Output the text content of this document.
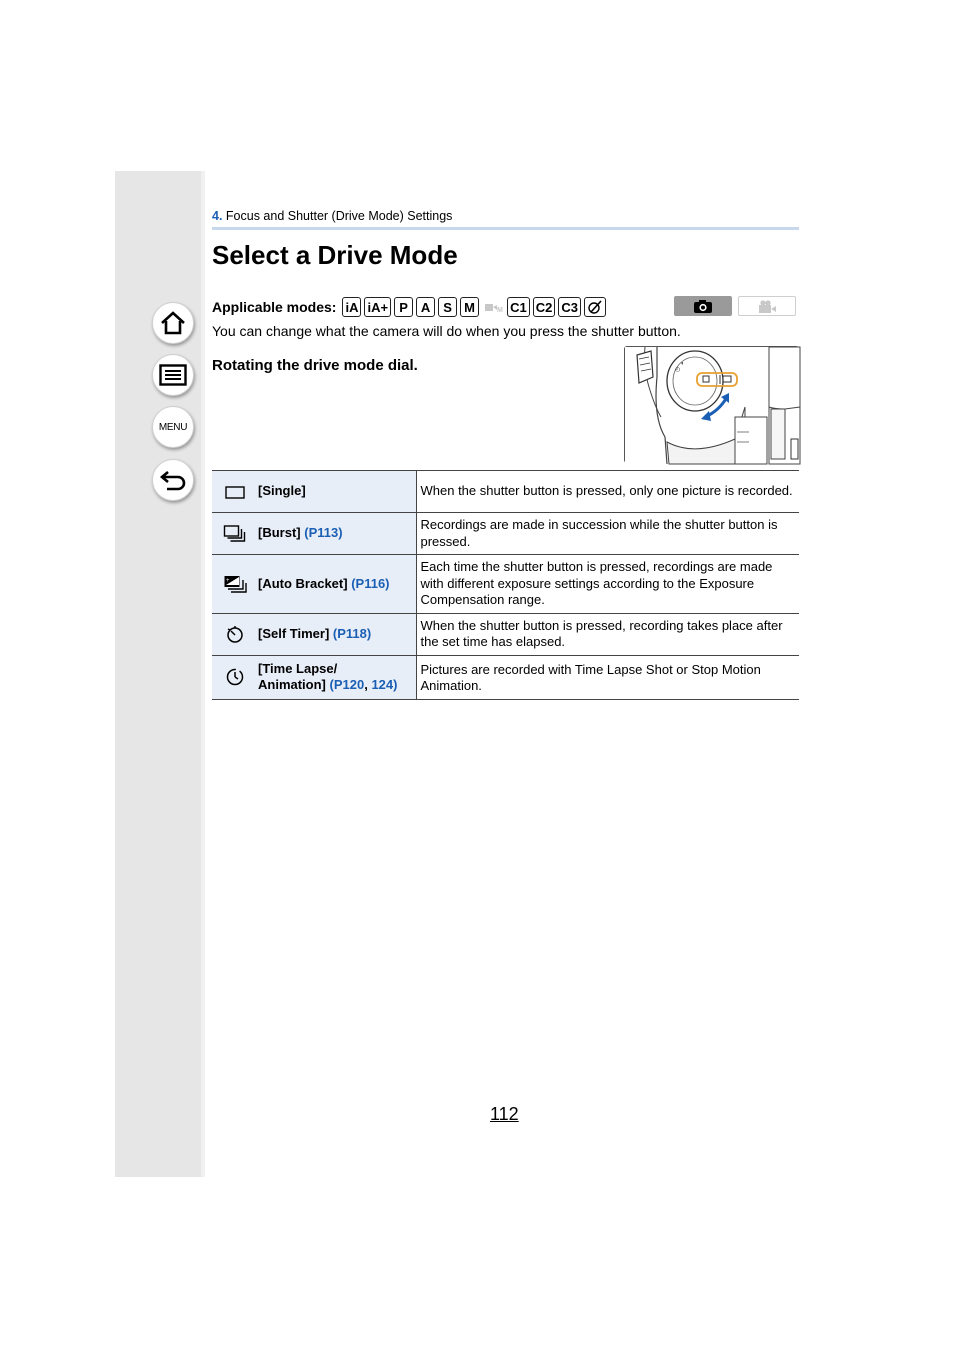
MENU
4. Focus and Shutter (Drive Mode) Settings
Select a Drive Mode
Applicable modes: iA iA+ P A S M	M C1 C2 C3
You can change what the camera will do when you press the shutter button.
Rotating the drive mode dial.	◴
◐
[Single]	When the shutter button is pressed, only one picture is recorded.

[Burst] (P113)	Recordings are made in succession while the shutter button is pressed.

+ [Auto Bracket] (P116)	Each time the shutter button is pressed, recordings are made with different exposure settings according to the Exposure Compensation range.

[Self Timer] (P118)	When the shutter button is pressed, recording takes place after the set time has elapsed.

[Time Lapse/
Animation] (P120, 124)	Pictures are recorded with Time Lapse Shot or Stop Motion Animation.
112
